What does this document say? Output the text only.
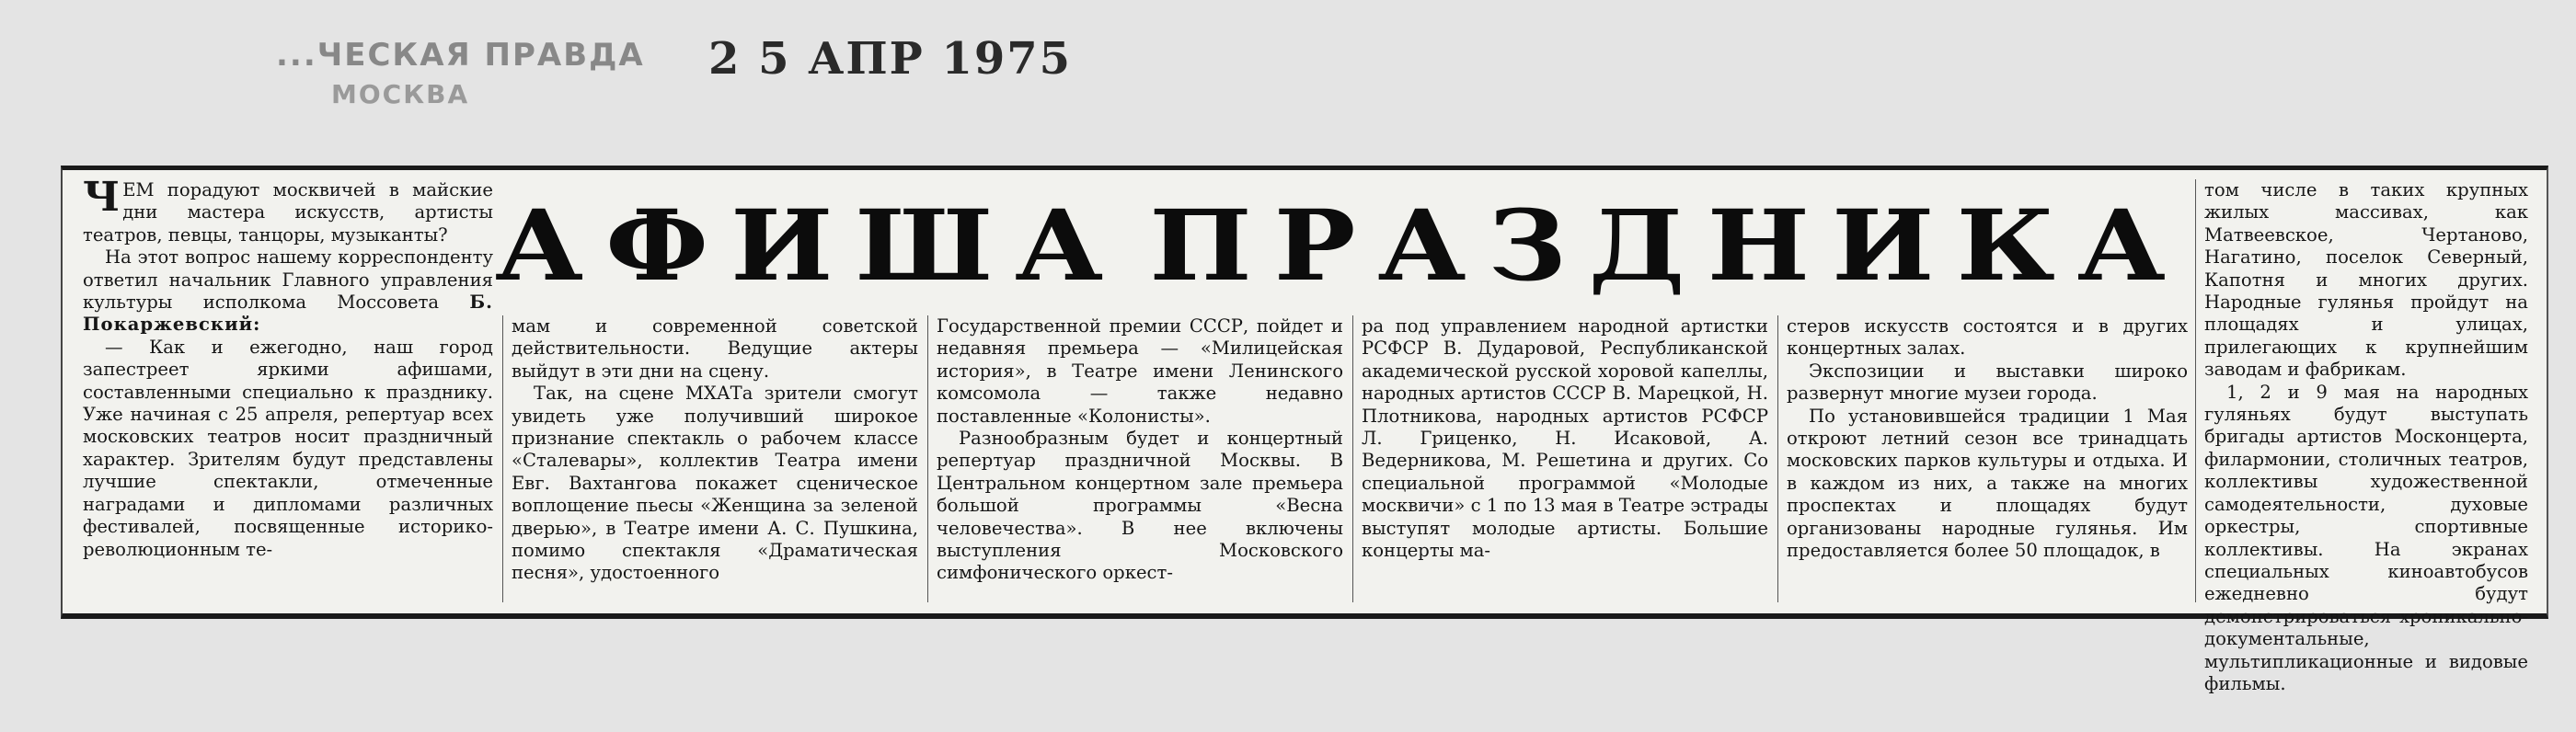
...ЧЕСКАЯ ПРАВДА
МОСКВА
2 5 АПР 1975
АФИША ПРАЗДНИКА

ЧЕМ порадуют москвичей в майские дни мастера искусств, артисты театров, певцы, танцоры, музыканты?

На этот вопрос нашему корреспонденту ответил начальник Главного управления культуры исполкома Моссовета Б. Покаржевский:

— Как и ежегодно, наш город запестреет яркими афишами, составленными специально к празднику. Уже начиная с 25 апреля, репертуар всех московских театров носит праздничный характер. Зрителям будут представлены лучшие спектакли, отмеченные наградами и дипломами различных фестивалей, посвященные историко-революционным те-

мам и современной советской действительности. Ведущие актеры выйдут в эти дни на сцену.

Так, на сцене МХАТа зрители смогут увидеть уже получивший широкое признание спектакль о рабочем классе «Сталевары», коллектив Театра имени Евг. Вахтангова покажет сценическое воплощение пьесы «Женщина за зеленой дверью», в Театре имени А. С. Пушкина, помимо спектакля «Драматическая песня», удостоенного

Государственной премии СССР, пойдет и недавняя премьера — «Милицейская история», в Театре имени Ленинского комсомола — также недавно поставленные «Колонисты».

Разнообразным будет и концертный репертуар праздничной Москвы. В Центральном концертном зале премьера большой программы «Весна человечества». В нее включены выступления Московского симфонического оркест-

ра под управлением народной артистки РСФСР В. Дударовой, Республиканской академической русской хоровой капеллы, народных артистов СССР В. Марецкой, Н. Плотникова, народных артистов РСФСР Л. Гриценко, Н. Исаковой, А. Ведерникова, М. Решетина и других. Со специальной программой «Молодые москвичи» с 1 по 13 мая в Театре эстрады выступят молодые артисты. Большие концерты ма-

стеров искусств состоятся и в других концертных залах.

Экспозиции и выставки широко развернут многие музеи города.

По установившейся традиции 1 Мая откроют летний сезон все тринадцать московских парков культуры и отдыха. И в каждом из них, а также на многих проспектах и площадях будут организованы народные гулянья. Им предоставляется более 50 площадок, в

том числе в таких крупных жилых массивах, как Матвеевское, Чертаново, Нагатино, поселок Северный, Капотня и многих других. Народные гулянья пройдут на площадях и улицах, прилегающих к крупнейшим заводам и фабрикам.

1, 2 и 9 мая на народных гуляньях будут выступать бригады артистов Москонцерта, филармонии, столичных театров, коллективы художественной самодеятельности, духовые оркестры, спортивные коллективы. На экранах специальных киноавтобусов ежедневно будут демонстрироваться хроникально-документальные, мультипликационные и видовые фильмы.
